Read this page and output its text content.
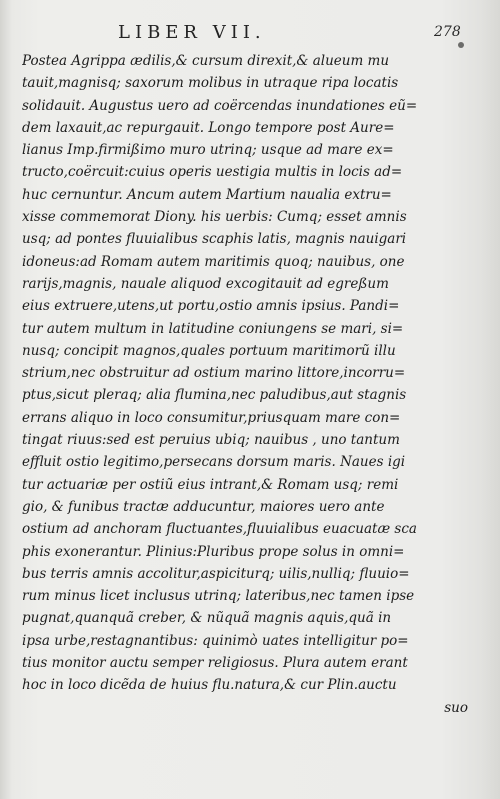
LIBER VII.	278
Postea Agrippa ædilis,& cursum direxit,& alueum mu
tauit,magnisq; saxorum molibus in utraque ripa locatis
solidauit. Augustus uero ad coërcendas inundationes eũ=
dem laxauit,ac repurgauit. Longo tempore post Aure=
lianus Imp.firmißimo muro utrinq; usque ad mare ex=
tructo,coërcuit:cuius operis uestigia multis in locis ad=
huc cernuntur. Ancum autem Martium naualia extru=
xisse commemorat Diony. his uerbis: Cumq; esset amnis
usq; ad pontes fluuialibus scaphis latis, magnis nauigari
idoneus:ad Romam autem maritimis quoq; nauibus, one
rarijs,magnis, nauale aliquod excogitauit ad egreßum
eius extruere,utens,ut portu,ostio amnis ipsius. Pandi=
tur autem multum in latitudine coniungens se mari, si=
nusq; concipit magnos,quales portuum maritimorũ illu
strium,nec obstruitur ad ostium marino littore,incorru=
ptus,sicut pleraq; alia flumina,nec paludibus,aut stagnis
errans aliquo in loco consumitur,priusquam mare con=
tingat riuus:sed est peruius ubiq; nauibus , uno tantum
effluit ostio legitimo,persecans dorsum maris. Naues igi
tur actuariæ per ostiũ eius intrant,& Romam usq; remi
gio, & funibus tractæ adducuntur, maiores uero ante
ostium ad anchoram fluctuantes,fluuialibus euacuatæ sca
phis exonerantur. Plinius:Pluribus prope solus in omni=
bus terris amnis accolitur,aspiciturq; uilis,nulliq; fluuio=
rum minus licet inclusus utrinq; lateribus,nec tamen ipse
pugnat,quanquã creber, & nũquã magnis aquis,quã in
ipsa urbe,restagnantibus: quinimò uates intelligitur po=
tius monitor auctu semper religiosus. Plura autem erant
hoc in loco dicẽda de huius flu.natura,& cur Plin.auctu
suo
